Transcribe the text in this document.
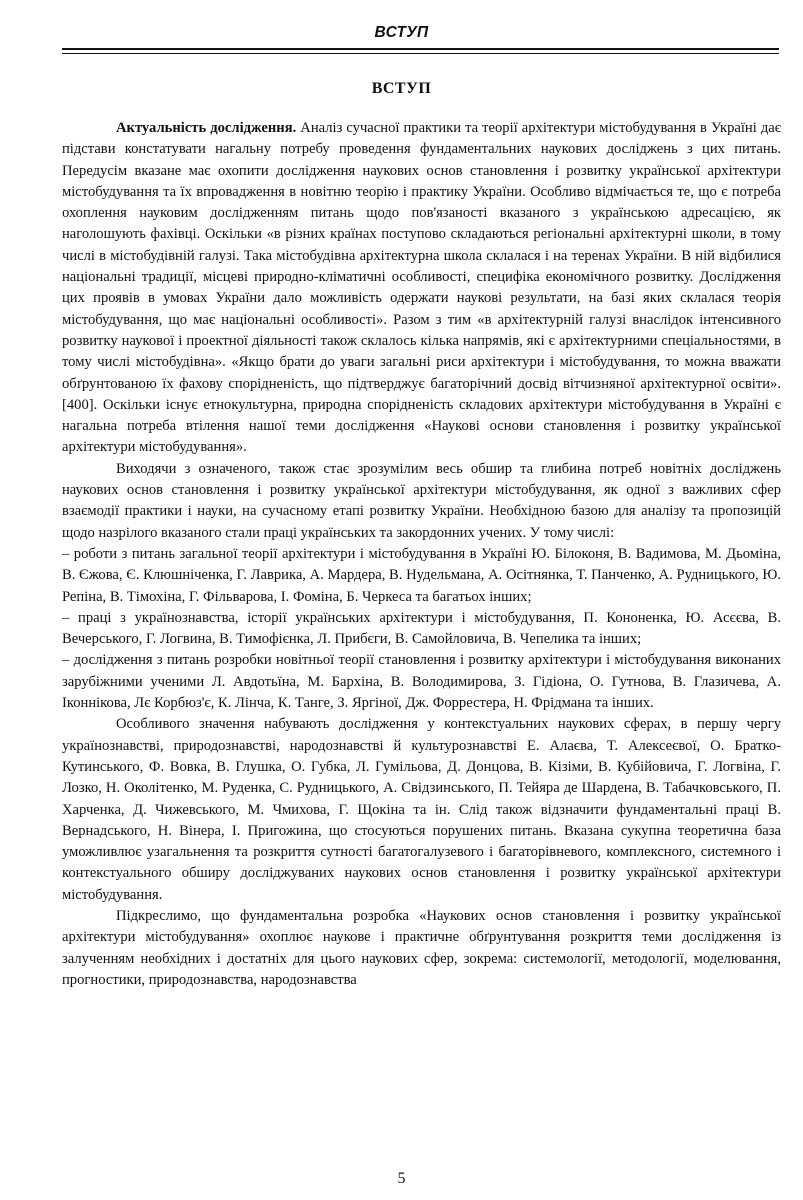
ВСТУП
ВСТУП

Актуальність дослідження. Аналіз сучасної практики та теорії архітектури містобудування в Україні дає підстави констатувати нагальну потребу проведення фундаментальних наукових досліджень з цих питань. Передусім вказане має охопити дослідження наукових основ становлення і розвитку української архітектури містобудування та їх впровадження в новітню теорію і практику України. Особливо відмічається те, що є потреба охоплення науковим дослідженням питань щодо пов'язаності вказаного з українською адресацією, як наголошують фахівці. Оскільки «в різних країнах поступово складаються регіональні архітектурні школи, в тому числі в містобудівній галузі. Така містобудівна архітектурна школа склалася і на теренах України. В ній відбилися національні традиції, місцеві природно-кліматичні особливості, специфіка економічного розвитку. Дослідження цих проявів в умовах України дало можливість одержати наукові результати, на базі яких склалася теорія містобудування, що має національні особливості». Разом з тим «в архітектурній галузі внаслідок інтенсивного розвитку наукової і проектної діяльності також склалось кілька напрямів, які є архітектурними спеціальностями, в тому числі містобудівна». «Якщо брати до уваги загальні риси архітектури і містобудування, то можна вважати обґрунтованою їх фахову спорідненість, що підтверджує багаторічний досвід вітчизняної архітектурної освіти». [400]. Оскільки існує етнокультурна, природна спорідненість складових архітектури містобудування в Україні є нагальна потреба втілення нашої теми дослідження «Наукові основи становлення і розвитку української архітектури містобудування».

Виходячи з означеного, також стає зрозумілим весь обшир та глибина потреб новітніх досліджень наукових основ становлення і розвитку української архітектури містобудування, як одної з важливих сфер взаємодії практики і науки, на сучасному етапі розвитку України. Необхідною базою для аналізу та пропозицій щодо назрілого вказаного стали праці українських та закордонних учених. У тому числі:

– роботи з питань загальної теорії архітектури і містобудування в Україні Ю. Білоконя, В. Вадимова, М. Дьоміна, В. Єжова, Є. Клюшніченка, Г. Лаврика, А. Мардера, В. Нудельмана, А. Осітнянка, Т. Панченко, А. Рудницького, Ю. Репіна, В. Тімохіна, Г. Фільварова, І. Фоміна, Б. Черкеса та багатьох інших;

– праці з українознавства, історії українських архітектури і містобудування, П. Кононенка, Ю. Асєєва, В. Вечерського, Г. Логвина, В. Тимофієнка, Л. Прибєги, В. Самойловича, В. Чепелика та інших;

– дослідження з питань розробки новітньої теорії становлення і розвитку архітектури і містобудування виконаних зарубіжними ученими Л. Авдотьїна, М. Бархіна, В. Володимирова, З. Гідіона, О. Гутнова, В. Глазичева, А. Іконнікова, Лє Корбюз'є, К. Лінча, К. Танге, З. Яргіної, Дж. Форрестера, Н. Фрідмана та інших.

Особливого значення набувають дослідження у контекстуальних наукових сферах, в першу чергу українознавстві, природознавстві, народознавстві й культурознавстві Е. Алаєва, Т. Алексеєвої, О. Братко-Кутинського, Ф. Вовка, В. Глушка, О. Губка, Л. Гумільова, Д. Донцова, В. Кізіми, В. Кубійовича, Г. Логвіна, Г. Лозко, Н. Околітенко, М. Руденка, С. Рудницького, А. Свідзинського, П. Тейяра де Шардена, В. Табачковського, П. Харченка, Д. Чижевського, М. Чмихова, Г. Щокіна та ін. Слід також відзначити фундаментальні праці В. Вернадського, Н. Вінера, І. Пригожина, що стосуються порушених питань. Вказана сукупна теоретична база уможливлює узагальнення та розкриття сутності багатогалузевого і багаторівневого, комплексного, системного і контекстуального обширу досліджуваних наукових основ становлення і розвитку української архітектури містобудування.

Підкреслимо, що фундаментальна розробка «Наукових основ становлення і розвитку української архітектури містобудування» охоплює наукове і практичне обґрунтування розкриття теми дослідження із залученням необхідних і достатніх для цього наукових сфер, зокрема: системології, методології, моделювання, прогностики, природознавства, народознавства

5
